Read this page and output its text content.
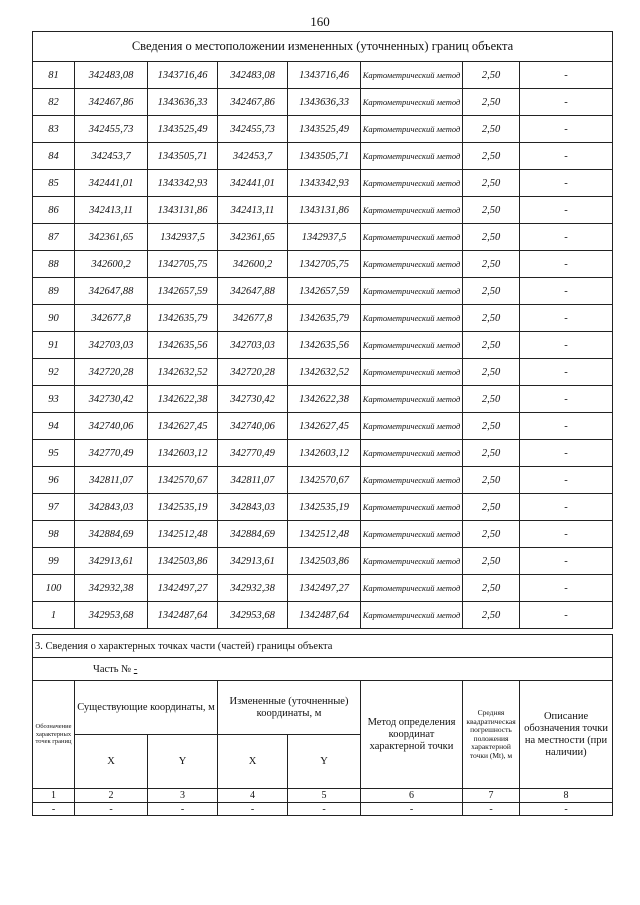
160
Сведения о местоположении измененных (уточненных) границ объекта							
81	342483,08	1343716,46	342483,08	1343716,46	Картометрический метод	2,50	-
82	342467,86	1343636,33	342467,86	1343636,33	Картометрический метод	2,50	-
83	342455,73	1343525,49	342455,73	1343525,49	Картометрический метод	2,50	-
84	342453,7	1343505,71	342453,7	1343505,71	Картометрический метод	2,50	-
85	342441,01	1343342,93	342441,01	1343342,93	Картометрический метод	2,50	-
86	342413,11	1343131,86	342413,11	1343131,86	Картометрический метод	2,50	-
87	342361,65	1342937,5	342361,65	1342937,5	Картометрический метод	2,50	-
88	342600,2	1342705,75	342600,2	1342705,75	Картометрический метод	2,50	-
89	342647,88	1342657,59	342647,88	1342657,59	Картометрический метод	2,50	-
90	342677,8	1342635,79	342677,8	1342635,79	Картометрический метод	2,50	-
91	342703,03	1342635,56	342703,03	1342635,56	Картометрический метод	2,50	-
92	342720,28	1342632,52	342720,28	1342632,52	Картометрический метод	2,50	-
93	342730,42	1342622,38	342730,42	1342622,38	Картометрический метод	2,50	-
94	342740,06	1342627,45	342740,06	1342627,45	Картометрический метод	2,50	-
95	342770,49	1342603,12	342770,49	1342603,12	Картометрический метод	2,50	-
96	342811,07	1342570,67	342811,07	1342570,67	Картометрический метод	2,50	-
97	342843,03	1342535,19	342843,03	1342535,19	Картометрический метод	2,50	-
98	342884,69	1342512,48	342884,69	1342512,48	Картометрический метод	2,50	-
99	342913,61	1342503,86	342913,61	1342503,86	Картометрический метод	2,50	-
100	342932,38	1342497,27	342932,38	1342497,27	Картометрический метод	2,50	-
1	342953,68	1342487,64	342953,68	1342487,64	Картометрический метод	2,50	-
3. Сведения о характерных точках части (частей) границы объекта							
Часть № -							
Обозначение характерных точек границ	Существующие координаты, м		Измененные (уточненные) координаты, м		Метод определения координат характерной точки	Средняя квадратическая погрешность положения характерной точки (Mt), м	Описание обозначения точки на местности (при наличии)
	X	Y	X	Y			
1	2	3	4	5	6	7	8
-	-	-	-	-	-	-	-
